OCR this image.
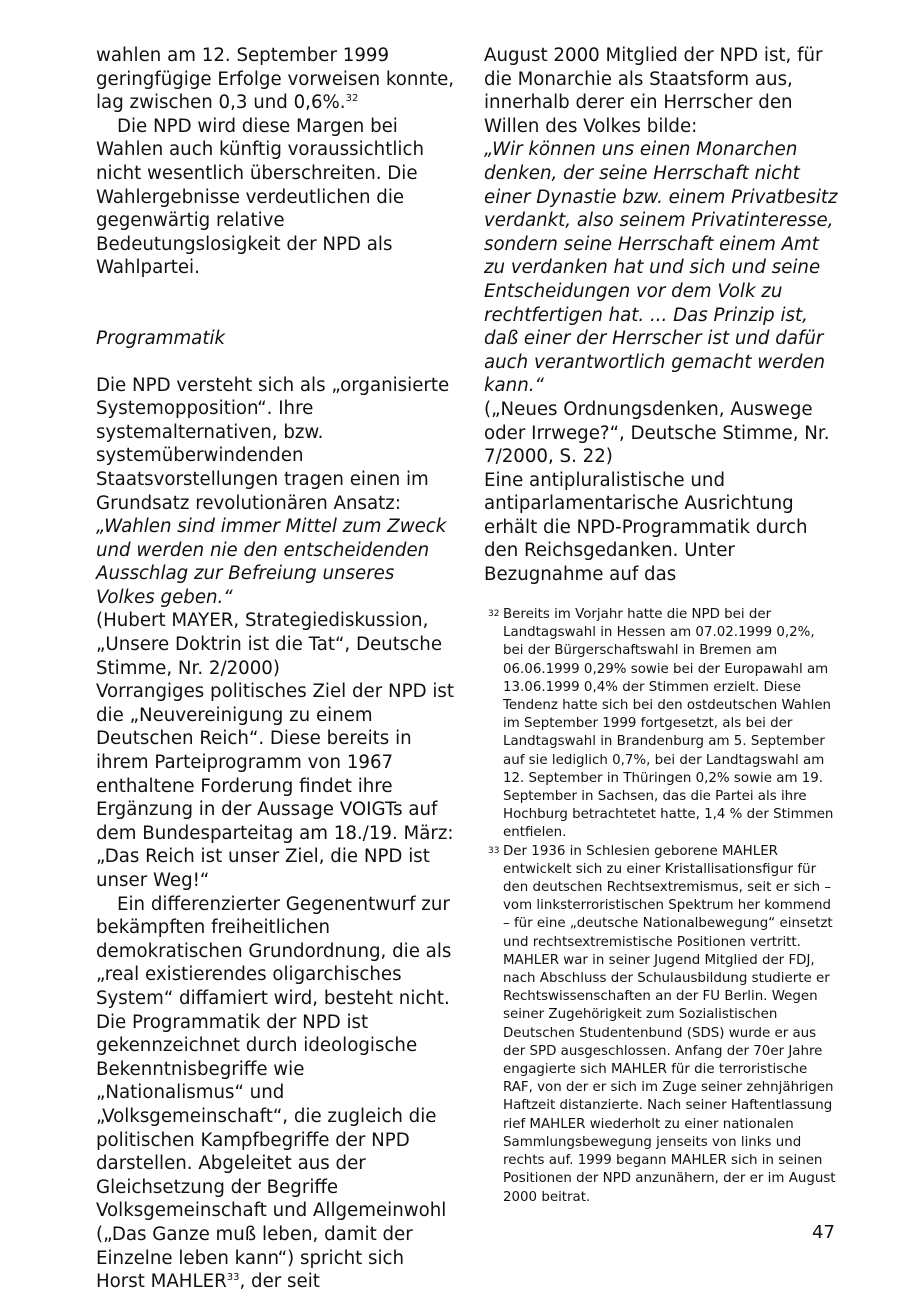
wahlen am 12. September 1999 geringfügige Erfolge vorweisen konnte, lag zwischen 0,3 und 0,6%.$^{32}$

Die NPD wird diese Margen bei Wahlen auch künftig voraussichtlich nicht wesentlich überschreiten. Die Wahlergebnisse verdeutlichen die gegenwärtig relative Bedeutungslosigkeit der NPD als Wahlpartei.

Programmatik

Die NPD versteht sich als „organisierte Systemopposition“. Ihre systemalternativen, bzw. systemüberwindenden Staatsvorstellungen tragen einen im Grundsatz revolutionären Ansatz:

„Wahlen sind immer Mittel zum Zweck und werden nie den entscheidenden Ausschlag zur Befreiung unseres Volkes geben.“

(Hubert MAYER, Strategiediskussion, „Unsere Doktrin ist die Tat“, Deutsche Stimme, Nr. 2/2000)

Vorrangiges politisches Ziel der NPD ist die „Neuvereinigung zu einem Deutschen Reich“. Diese bereits in ihrem Parteiprogramm von 1967 enthaltene Forderung findet ihre Ergänzung in der Aussage VOIGTs auf dem Bundesparteitag am 18./19. März: „Das Reich ist unser Ziel, die NPD ist unser Weg!“

Ein differenzierter Gegenentwurf zur bekämpften freiheitlichen demokratischen Grundordnung, die als „real existierendes oligarchisches System“ diffamiert wird, besteht nicht. Die Programmatik der NPD ist gekennzeichnet durch ideologische Bekenntnisbegriffe wie „Nationalismus“ und „Volksgemeinschaft“, die zugleich die politischen Kampfbegriffe der NPD darstellen. Abgeleitet aus der Gleichsetzung der Begriffe Volksgemeinschaft und Allgemeinwohl („Das Ganze muß leben, damit der Einzelne leben kann“) spricht sich Horst MAHLER$^{33}$, der seit

August 2000 Mitglied der NPD ist, für die Monarchie als Staatsform aus, innerhalb derer ein Herrscher den Willen des Volkes bilde:

„Wir können uns einen Monarchen denken, der seine Herrschaft nicht einer Dynastie bzw. einem Privatbesitz verdankt, also seinem Privatinteresse, sondern seine Herrschaft einem Amt zu verdanken hat und sich und seine Entscheidungen vor dem Volk zu rechtfertigen hat. ... Das Prinzip ist, daß einer der Herrscher ist und dafür auch verantwortlich gemacht werden kann.“

(„Neues Ordnungsdenken, Auswege oder Irrwege?“, Deutsche Stimme, Nr. 7/2000, S. 22)

Eine antipluralistische und antiparlamentarische Ausrichtung erhält die NPD-Programmatik durch den Reichsgedanken. Unter Bezugnahme auf das

32 Bereits im Vorjahr hatte die NPD bei der Landtagswahl in Hessen am 07.02.1999 0,2%, bei der Bürgerschaftswahl in Bremen am 06.06.1999 0,29% sowie bei der Europawahl am 13.06.1999 0,4% der Stimmen erzielt. Diese Tendenz hatte sich bei den ostdeutschen Wahlen im September 1999 fortgesetzt, als bei der Landtagswahl in Brandenburg am 5. September auf sie lediglich 0,7%, bei der Landtagswahl am 12. September in Thüringen 0,2% sowie am 19. September in Sachsen, das die Partei als ihre Hochburg betrachtetet hatte, 1,4 % der Stimmen entfielen.

33 Der 1936 in Schlesien geborene MAHLER entwickelt sich zu einer Kristallisationsfigur für den deutschen Rechtsextremismus, seit er sich – vom linksterroristischen Spektrum her kommend – für eine „deutsche Nationalbewegung“ einsetzt und rechtsextremistische Positionen vertritt. MAHLER war in seiner Jugend Mitglied der FDJ, nach Abschluss der Schulausbildung studierte er Rechtswissenschaften an der FU Berlin. Wegen seiner Zugehörigkeit zum Sozialistischen Deutschen Studentenbund (SDS) wurde er aus der SPD ausgeschlossen. Anfang der 70er Jahre engagierte sich MAHLER für die terroristische RAF, von der er sich im Zuge seiner zehnjährigen Haftzeit distanzierte. Nach seiner Haftentlassung rief MAHLER wiederholt zu einer nationalen Sammlungsbewegung jenseits von links und rechts auf. 1999 begann MAHLER sich in seinen Positionen der NPD anzunähern, der er im August 2000 beitrat.

47
